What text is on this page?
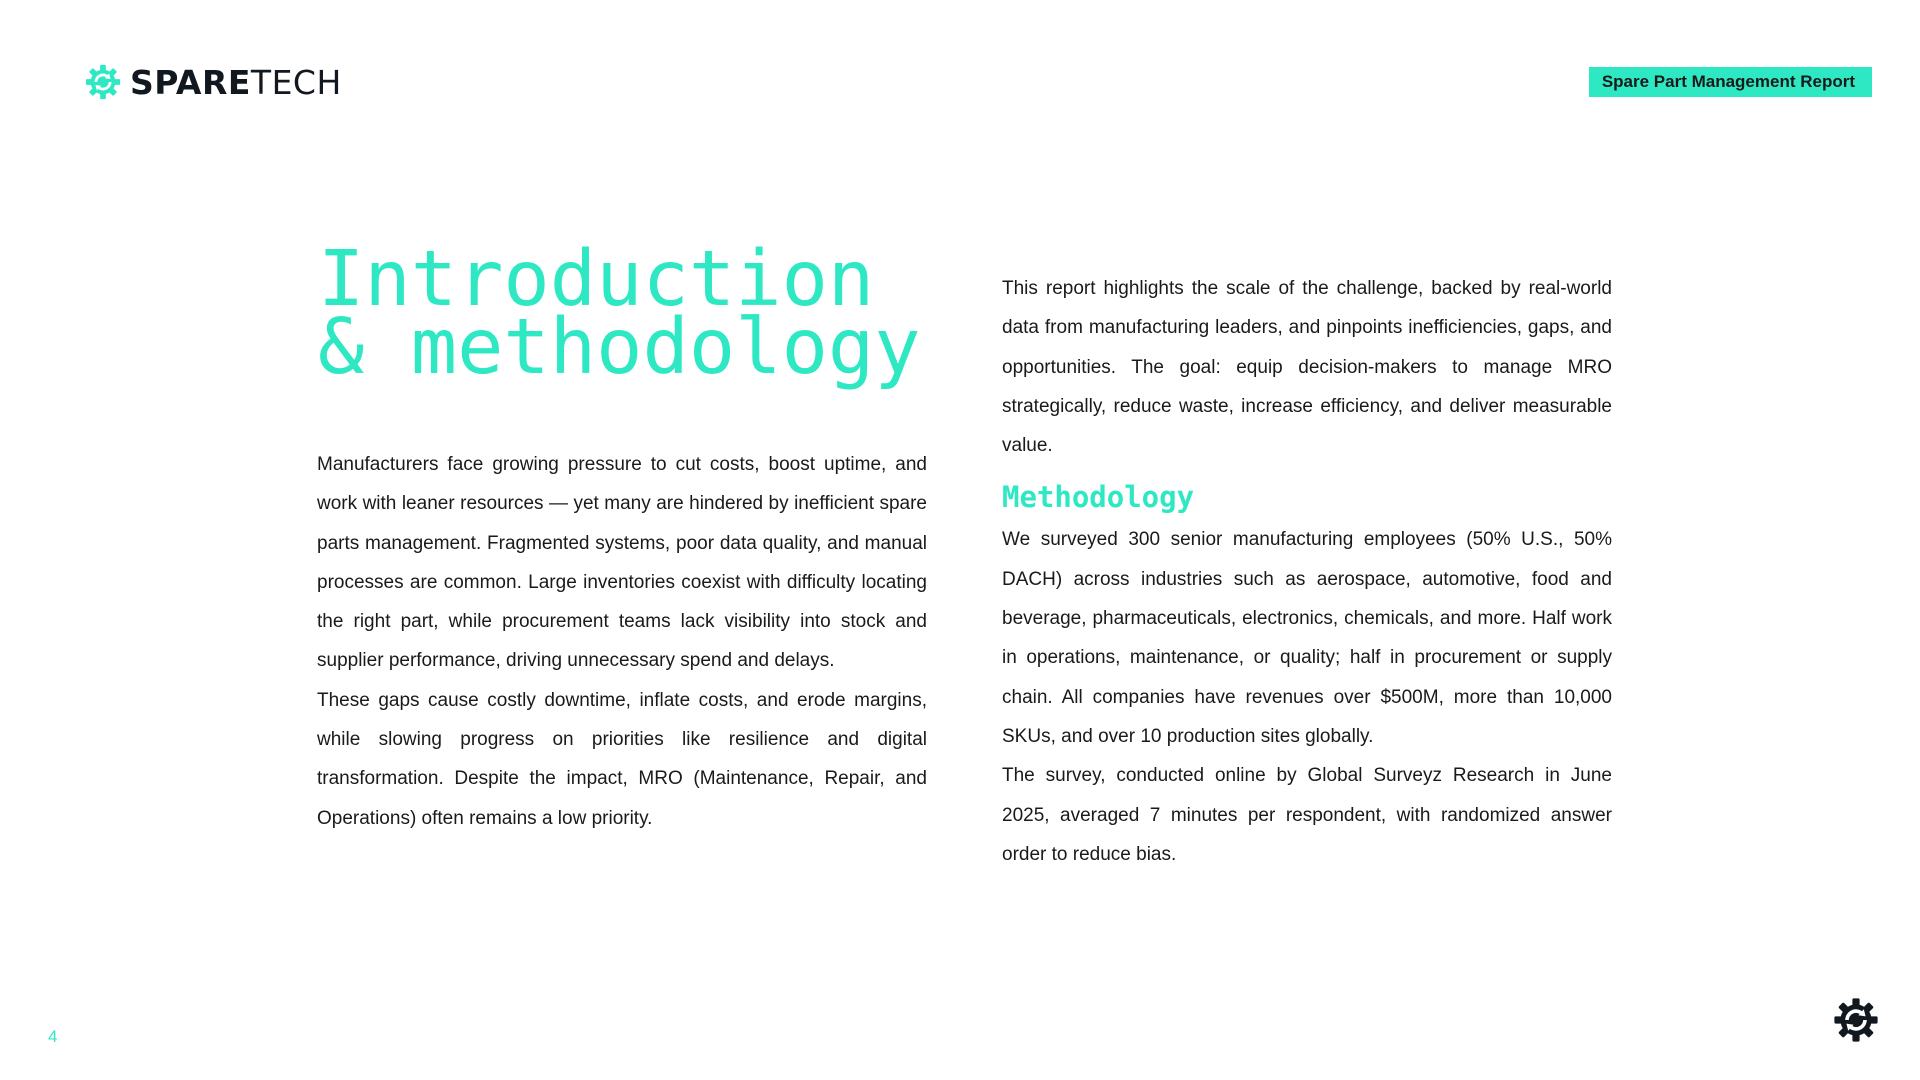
SPARETECH	Spare Part Management Report
Introduction
& methodology

Manufacturers face growing pressure to cut costs, boost uptime, and work with leaner resources — yet many are hindered by inefficient spare parts management. Fragmented systems, poor data quality, and manual processes are common. Large inventories coexist with difficulty locating the right part, while procurement teams lack visibility into stock and supplier performance, driving unnecessary spend and delays.

These gaps cause costly downtime, inflate costs, and erode margins, while slowing progress on priorities like resilience and digital transformation. Despite the impact, MRO (Maintenance, Repair, and Operations) often remains a low priority.

This report highlights the scale of the challenge, backed by real-world data from manufacturing leaders, and pinpoints inefficiencies, gaps, and opportunities. The goal: equip decision-makers to manage MRO strategically, reduce waste, increase efficiency, and deliver measurable value.

Methodology

We surveyed 300 senior manufacturing employees (50% U.S., 50% DACH) across industries such as aerospace, automotive, food and beverage, pharmaceuticals, electronics, chemicals, and more. Half work in operations, maintenance, or quality; half in procurement or supply chain. All companies have revenues over $500M, more than 10,000 SKUs, and over 10 production sites globally.

The survey, conducted online by Global Surveyz Research in June 2025, averaged 7 minutes per respondent, with randomized answer order to reduce bias.

4
